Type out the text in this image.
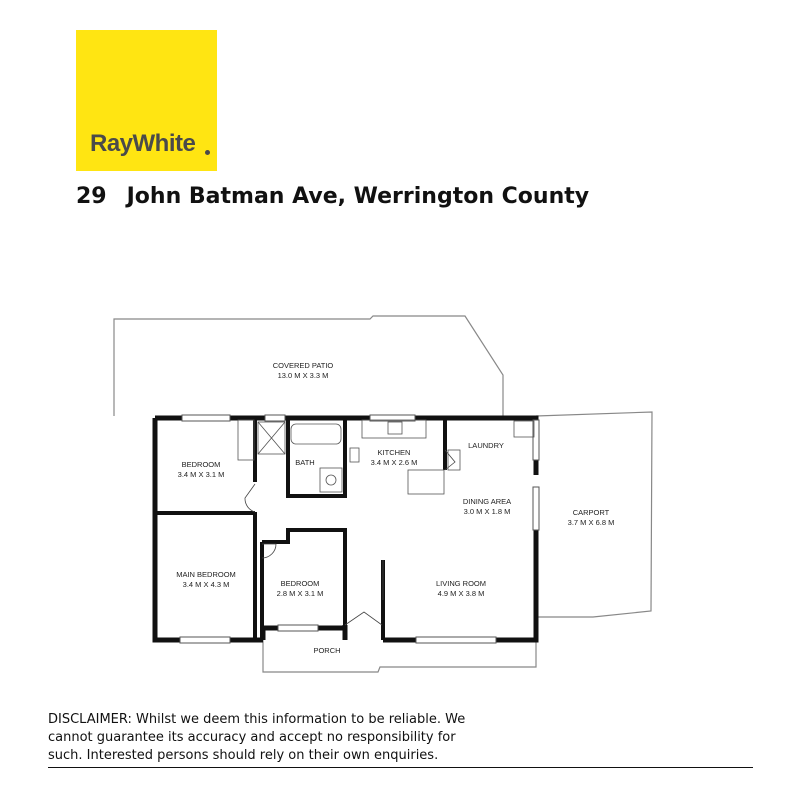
RayWhite
29 John Batman Ave, Werrington County
COVERED PATIO
13.0 M X 3.3 M
BEDROOM
3.4 M X 3.1 M
BATH
KITCHEN
3.4 M X 2.6 M
LAUNDRY
DINING AREA
3.0 M X 1.8 M	CARPORT
3.7 M X 6.8 M
MAIN BEDROOM
3.4 M X 4.3 M	BEDROOM
2.8 M X 3.1 M
LIVING ROOM
4.9 M X 3.8 M
PORCH
DISCLAIMER: Whilst we deem this information to be reliable. We cannot guarantee its accuracy and accept no responsibility for such. Interested persons should rely on their own enquiries.
